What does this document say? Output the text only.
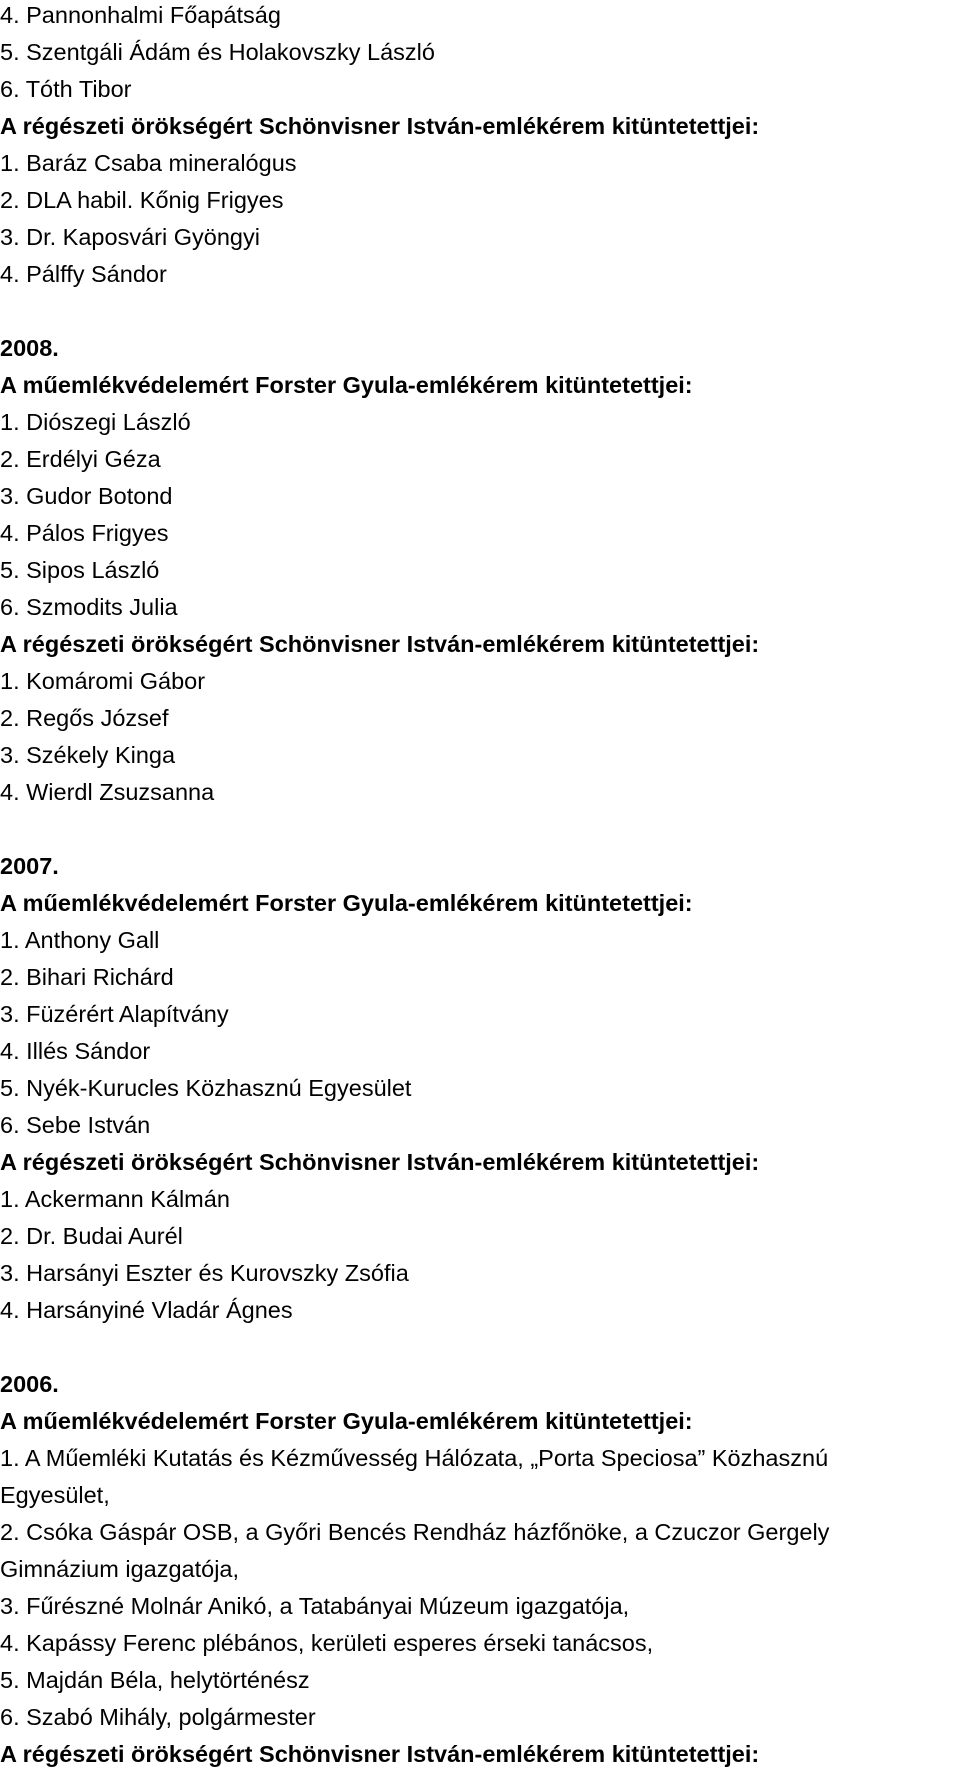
4. Pannonhalmi Főapátság
5. Szentgáli Ádám és Holakovszky László
6. Tóth Tibor
A régészeti örökségért Schönvisner István-emlékérem kitüntetettjei:
1. Baráz Csaba mineralógus
2. DLA habil. Kőnig Frigyes
3. Dr. Kaposvári Gyöngyi
4. Pálffy Sándor
2008.
A műemlékvédelemért Forster Gyula-emlékérem kitüntetettjei:
1. Diószegi László
2. Erdélyi Géza
3. Gudor Botond
4. Pálos Frigyes
5. Sipos László
6. Szmodits Julia
A régészeti örökségért Schönvisner István-emlékérem kitüntetettjei:
1. Komáromi Gábor
2. Regős József
3. Székely Kinga
4. Wierdl Zsuzsanna
2007.
A műemlékvédelemért Forster Gyula-emlékérem kitüntetettjei:
1. Anthony Gall
2. Bihari Richárd
3. Füzérért Alapítvány
4. Illés Sándor
5. Nyék-Kurucles Közhasznú Egyesület
6. Sebe István
A régészeti örökségért Schönvisner István-emlékérem kitüntetettjei:
1. Ackermann Kálmán
2. Dr. Budai Aurél
3. Harsányi Eszter és Kurovszky Zsófia
4. Harsányiné Vladár Ágnes
2006.
A műemlékvédelemért Forster Gyula-emlékérem kitüntetettjei:
1. A Műemléki Kutatás és Kézművesség Hálózata, „Porta Speciosa” Közhasznú
Egyesület,
2. Csóka Gáspár OSB, a Győri Bencés Rendház házfőnöke, a Czuczor Gergely
Gimnázium igazgatója,
3. Fűrészné Molnár Anikó, a Tatabányai Múzeum igazgatója,
4. Kapássy Ferenc plébános, kerületi esperes érseki tanácsos,
5. Majdán Béla, helytörténész
6. Szabó Mihály, polgármester
A régészeti örökségért Schönvisner István-emlékérem kitüntetettjei:
